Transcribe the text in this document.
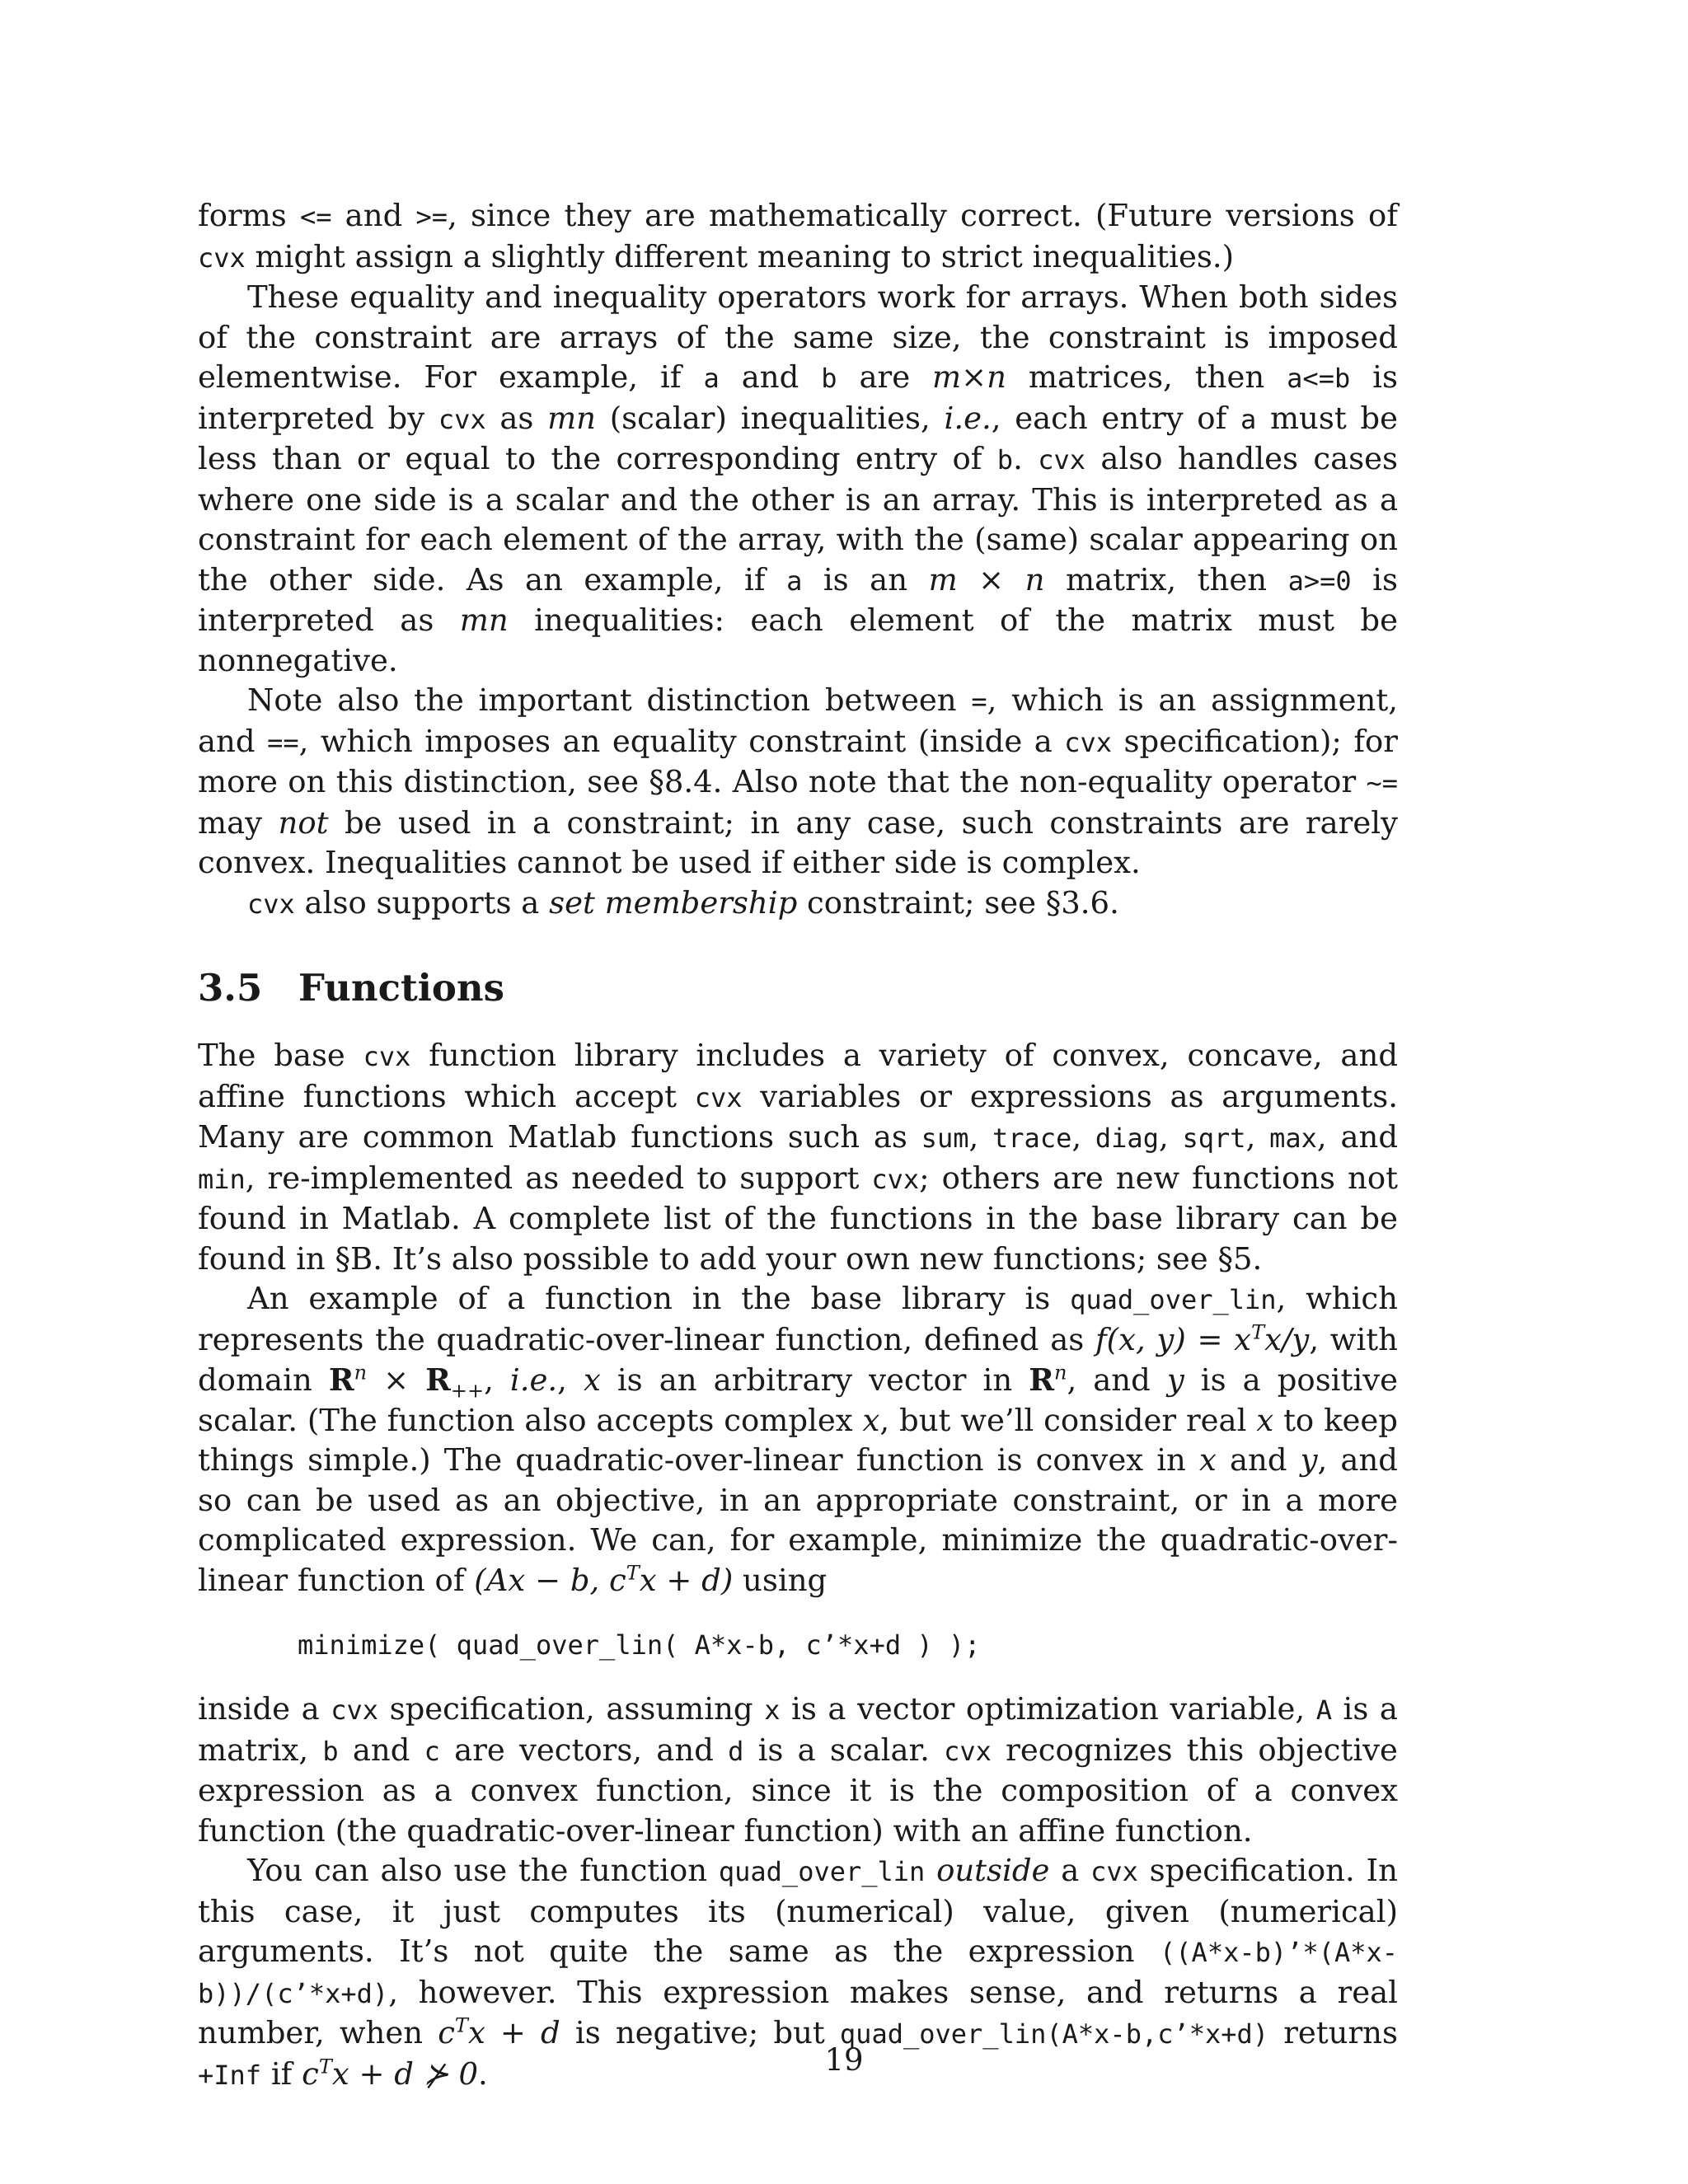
forms <= and >=, since they are mathematically correct. (Future versions of cvx might assign a slightly different meaning to strict inequalities.)

These equality and inequality operators work for arrays. When both sides of the constraint are arrays of the same size, the constraint is imposed elementwise. For example, if a and b are m×n matrices, then a<=b is interpreted by cvx as mn (scalar) inequalities, i.e., each entry of a must be less than or equal to the corresponding entry of b. cvx also handles cases where one side is a scalar and the other is an array. This is interpreted as a constraint for each element of the array, with the (same) scalar appearing on the other side. As an example, if a is an m × n matrix, then a>=0 is interpreted as mn inequalities: each element of the matrix must be nonnegative.

Note also the important distinction between =, which is an assignment, and ==, which imposes an equality constraint (inside a cvx specification); for more on this distinction, see §8.4. Also note that the non-equality operator ~= may not be used in a constraint; in any case, such constraints are rarely convex. Inequalities cannot be used if either side is complex.

cvx also supports a set membership constraint; see §3.6.

3.5 Functions

The base cvx function library includes a variety of convex, concave, and affine functions which accept cvx variables or expressions as arguments. Many are common Matlab functions such as sum, trace, diag, sqrt, max, and min, re-implemented as needed to support cvx; others are new functions not found in Matlab. A complete list of the functions in the base library can be found in §B. It’s also possible to add your own new functions; see §5.

An example of a function in the base library is quad_over_lin, which represents the quadratic-over-linear function, defined as f(x, $y) = x^Tx/y$, with domain $R^n \times R_{++}$, i.e., x is an arbitrary vector in $R^n$, and y is a positive scalar. (The function also accepts complex x, but we’ll consider real x to keep things simple.) The quadratic-over-linear function is convex in x and y, and so can be used as an objective, in an appropriate constraint, or in a more complicated expression. We can, for example, minimize the quadratic-over-linear function of (Ax − b, $c^Tx + d$) using

minimize( quad_over_lin( A*x-b, c’*x+d ) );

inside a cvx specification, assuming x is a vector optimization variable, A is a matrix, b and c are vectors, and d is a scalar. cvx recognizes this objective expression as a convex function, since it is the composition of a convex function (the quadratic-over-linear function) with an affine function.

You can also use the function quad_over_lin outside a cvx specification. In this case, it just computes its (numerical) value, given (numerical) arguments. It’s not quite the same as the expression ((A*x-b)’*(A*x-b))/(c’*x+d), however. This expression makes sense, and returns a real number, when $c^Tx + d$ is negative; but quad_over_lin(A*x-b,c’*x+d) returns +Inf if $c^Tx + d$ ⊁ 0.	19
